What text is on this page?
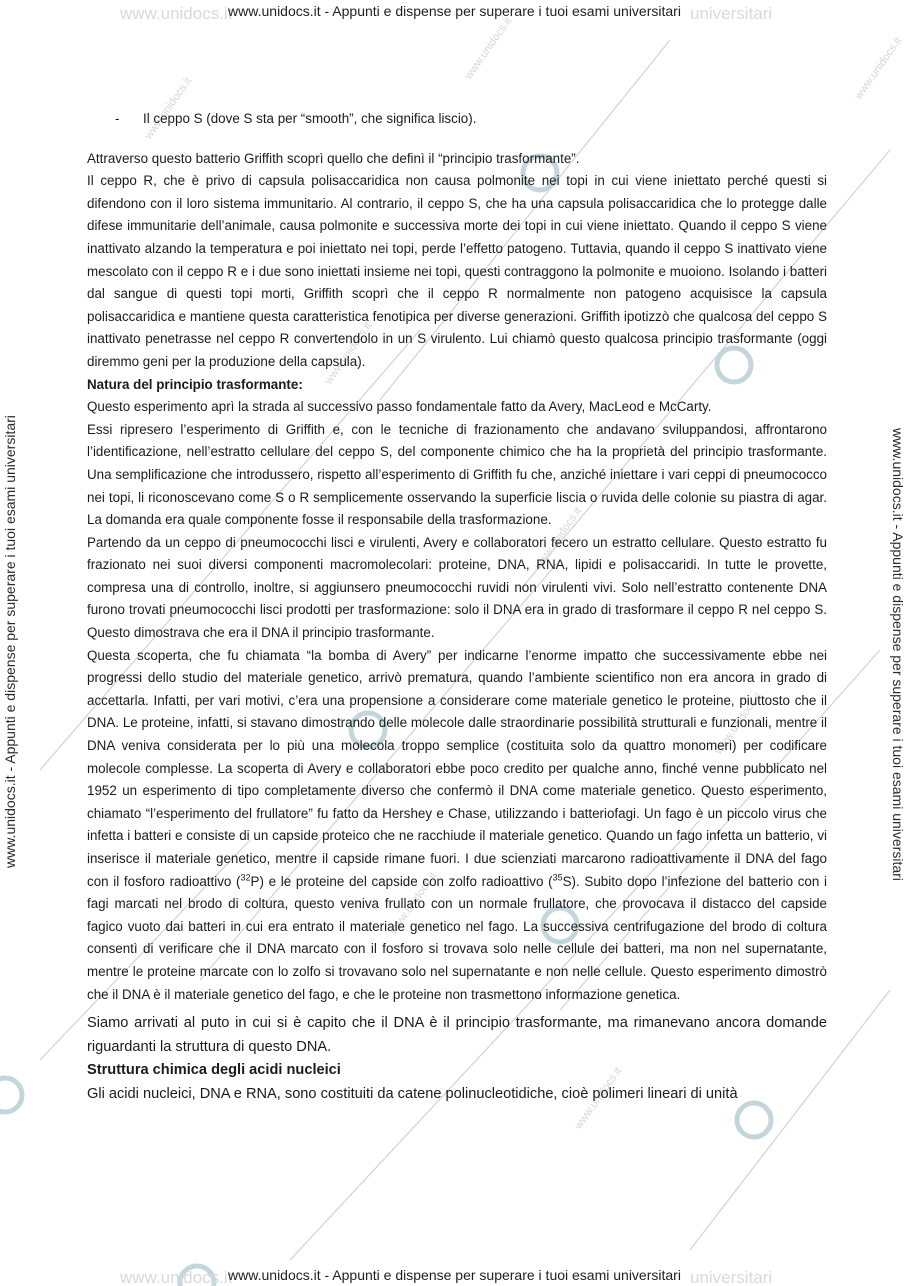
www.unidocs.it
www.unidocs.it
www.unidocs.it
www.unidocs.it
www.unidocs.it
www.unidocs.it
www.unidocs.it
www.unidocs.it
www.unidocs.it	universitari
www.unidocs.it	universitari
www.unidocs.it - Appunti e dispense per superare i tuoi esami universitari
www.unidocs.it - Appunti e dispense per superare i tuoi esami universitari
www.unidocs.it - Appunti e dispense per superare i tuoi esami universitari	www.unidocs.it - Appunti e dispense per superare i tuoi esami universitari

- Il ceppo S (dove S sta per “smooth”, che significa liscio).

Attraverso questo batterio Griffith scoprì quello che definì il “principio trasformante”.

Il ceppo R, che è privo di capsula polisaccaridica non causa polmonite nei topi in cui viene iniettato perché questi si difendono con il loro sistema immunitario. Al contrario, il ceppo S, che ha una capsula polisaccaridica che lo protegge dalle difese immunitarie dell’animale, causa polmonite e successiva morte dei topi in cui viene iniettato. Quando il ceppo S viene inattivato alzando la temperatura e poi iniettato nei topi, perde l’effetto patogeno. Tuttavia, quando il ceppo S inattivato viene mescolato con il ceppo R e i due sono iniettati insieme nei topi, questi contraggono la polmonite e muoiono. Isolando i batteri dal sangue di questi topi morti, Griffith scoprì che il ceppo R normalmente non patogeno acquisisce la capsula polisaccaridica e mantiene questa caratteristica fenotipica per diverse generazioni. Griffith ipotizzò che qualcosa del ceppo S inattivato penetrasse nel ceppo R convertendolo in un S virulento. Lui chiamò questo qualcosa principio trasformante (oggi diremmo geni per la produzione della capsula).

Natura del principio trasformante:

Questo esperimento aprì la strada al successivo passo fondamentale fatto da Avery, MacLeod e McCarty.

Essi ripresero l’esperimento di Griffith e, con le tecniche di frazionamento che andavano sviluppandosi, affrontarono l’identificazione, nell’estratto cellulare del ceppo S, del componente chimico che ha la proprietà del principio trasformante. Una semplificazione che introdussero, rispetto all’esperimento di Griffith fu che, anziché iniettare i vari ceppi di pneumococco nei topi, li riconoscevano come S o R semplicemente osservando la superficie liscia o ruvida delle colonie su piastra di agar. La domanda era quale componente fosse il responsabile della trasformazione.

Partendo da un ceppo di pneumococchi lisci e virulenti, Avery e collaboratori fecero un estratto cellulare. Questo estratto fu frazionato nei suoi diversi componenti macromolecolari: proteine, DNA, RNA, lipidi e polisaccaridi. In tutte le provette, compresa una di controllo, inoltre, si aggiunsero pneumococchi ruvidi non virulenti vivi. Solo nell’estratto contenente DNA furono trovati pneumococchi lisci prodotti per trasformazione: solo il DNA era in grado di trasformare il ceppo R nel ceppo S. Questo dimostrava che era il DNA il principio trasformante.

Questa scoperta, che fu chiamata “la bomba di Avery” per indicarne l’enorme impatto che successivamente ebbe nei progressi dello studio del materiale genetico, arrivò prematura, quando l’ambiente scientifico non era ancora in grado di accettarla. Infatti, per vari motivi, c’era una propensione a considerare come materiale genetico le proteine, piuttosto che il DNA. Le proteine, infatti, si stavano dimostrando delle molecole dalle straordinarie possibilità strutturali e funzionali, mentre il DNA veniva considerata per lo più una molecola troppo semplice (costituita solo da quattro monomeri) per codificare molecole complesse. La scoperta di Avery e collaboratori ebbe poco credito per qualche anno, finché venne pubblicato nel 1952 un esperimento di tipo completamente diverso che confermò il DNA come materiale genetico. Questo esperimento, chiamato “l’esperimento del frullatore” fu fatto da Hershey e Chase, utilizzando i batteriofagi. Un fago è un piccolo virus che infetta i batteri e consiste di un capside proteico che ne racchiude il materiale genetico. Quando un fago infetta un batterio, vi inserisce il materiale genetico, mentre il capside rimane fuori. I due scienziati marcarono radioattivamente il DNA del fago con il fosforo radioattivo ($^{32}$P) e le proteine del capside con zolfo radioattivo ($^{35}$S). Subito dopo l’infezione del batterio con i fagi marcati nel brodo di coltura, questo veniva frullato con un normale frullatore, che provocava il distacco del capside fagico vuoto dai batteri in cui era entrato il materiale genetico nel fago. La successiva centrifugazione del brodo di coltura consentì di verificare che il DNA marcato con il fosforo si trovava solo nelle cellule dei batteri, ma non nel supernatante, mentre le proteine marcate con lo zolfo si trovavano solo nel supernatante e non nelle cellule. Questo esperimento dimostrò che il DNA è il materiale genetico del fago, e che le proteine non trasmettono informazione genetica.

Siamo arrivati al puto in cui si è capito che il DNA è il principio trasformante, ma rimanevano ancora domande riguardanti la struttura di questo DNA.

Struttura chimica degli acidi nucleici

Gli acidi nucleici, DNA e RNA, sono costituiti da catene polinucleotidiche, cioè polimeri lineari di unità
